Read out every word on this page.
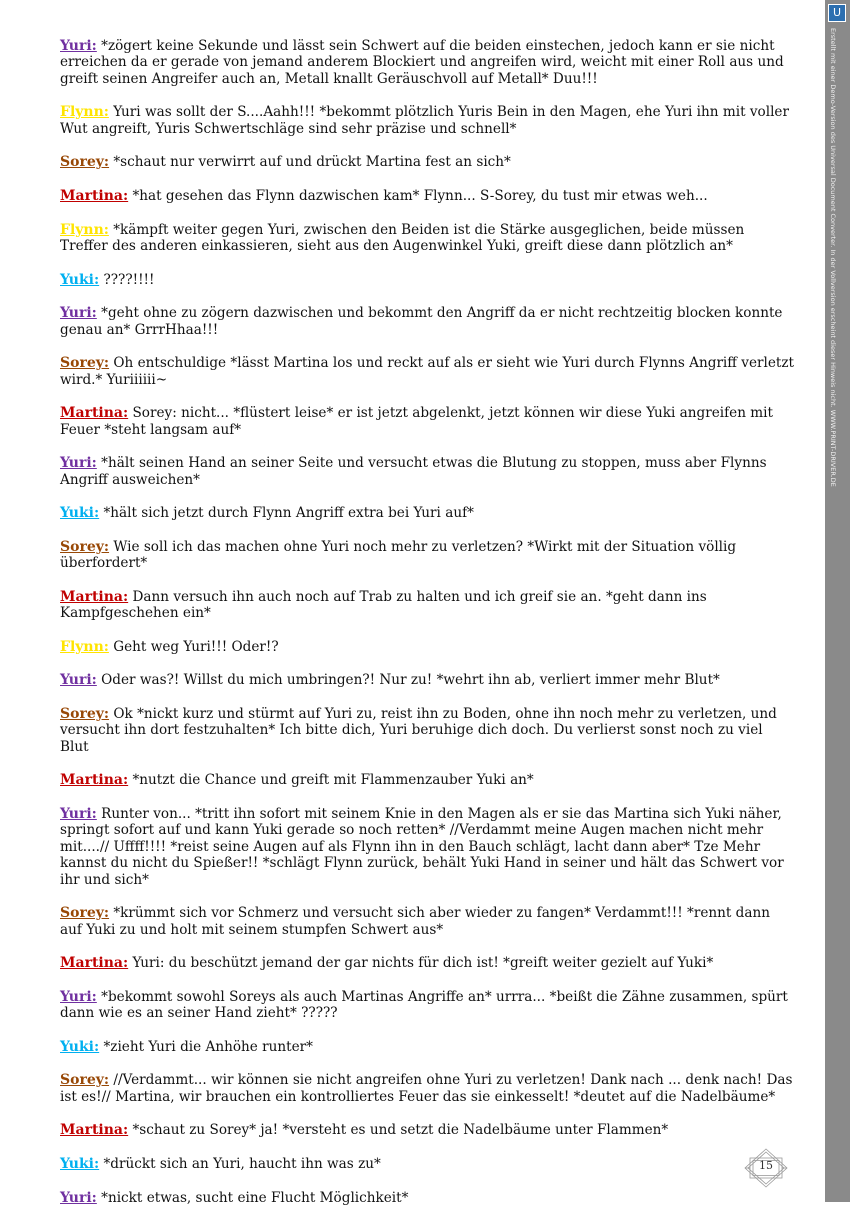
Yuri: *zögert keine Sekunde und lässt sein Schwert auf die beiden einstechen, jedoch kann er sie nicht erreichen da er gerade von jemand anderem Blockiert und angreifen wird, weicht mit einer Roll aus und greift seinen Angreifer auch an, Metall knallt Geräuschvoll auf Metall* Duu!!!

Flynn: Yuri was sollt der S....Aahh!!! *bekommt plötzlich Yuris Bein in den Magen, ehe Yuri ihn mit voller Wut angreift, Yuris Schwertschläge sind sehr präzise und schnell*

Sorey: *schaut nur verwirrt auf und drückt Martina fest an sich*

Martina: *hat gesehen das Flynn dazwischen kam* Flynn... S-Sorey, du tust mir etwas weh...

Flynn: *kämpft weiter gegen Yuri, zwischen den Beiden ist die Stärke ausgeglichen, beide müssen Treffer des anderen einkassieren, sieht aus den Augenwinkel Yuki, greift diese dann plötzlich an*

Yuki: ????!!!!

Yuri: *geht ohne zu zögern dazwischen und bekommt den Angriff da er nicht rechtzeitig blocken konnte genau an* GrrrHhaa!!!

Sorey: Oh entschuldige *lässt Martina los und reckt auf als er sieht wie Yuri durch Flynns Angriff verletzt wird.* Yuriiiiii~

Martina: Sorey: nicht... *flüstert leise* er ist jetzt abgelenkt, jetzt können wir diese Yuki angreifen mit Feuer *steht langsam auf*

Yuri: *hält seinen Hand an seiner Seite und versucht etwas die Blutung zu stoppen, muss aber Flynns Angriff ausweichen*

Yuki: *hält sich jetzt durch Flynn Angriff extra bei Yuri auf*

Sorey: Wie soll ich das machen ohne Yuri noch mehr zu verletzen? *Wirkt mit der Situation völlig überfordert*

Martina: Dann versuch ihn auch noch auf Trab zu halten und ich greif sie an. *geht dann ins Kampfgeschehen ein*

Flynn: Geht weg Yuri!!! Oder!?

Yuri: Oder was?! Willst du mich umbringen?! Nur zu! *wehrt ihn ab, verliert immer mehr Blut*

Sorey: Ok *nickt kurz und stürmt auf Yuri zu, reist ihn zu Boden, ohne ihn noch mehr zu verletzen, und versucht ihn dort festzuhalten* Ich bitte dich, Yuri beruhige dich doch. Du verlierst sonst noch zu viel Blut

Martina: *nutzt die Chance und greift mit Flammenzauber Yuki an*

Yuri: Runter von... *tritt ihn sofort mit seinem Knie in den Magen als er sie das Martina sich Yuki näher, springt sofort auf und kann Yuki gerade so noch retten* //Verdammt meine Augen machen nicht mehr mit....// Uffff!!!! *reist seine Augen auf als Flynn ihn in den Bauch schlägt, lacht dann aber* Tze Mehr kannst du nicht du Spießer!! *schlägt Flynn zurück, behält Yuki Hand in seiner und hält das Schwert vor ihr und sich*

Sorey: *krümmt sich vor Schmerz und versucht sich aber wieder zu fangen* Verdammt!!! *rennt dann auf Yuki zu und holt mit seinem stumpfen Schwert aus*

Martina: Yuri: du beschützt jemand der gar nichts für dich ist! *greift weiter gezielt auf Yuki*

Yuri: *bekommt sowohl Soreys als auch Martinas Angriffe an* urrra... *beißt die Zähne zusammen, spürt dann wie es an seiner Hand zieht* ?????

Yuki: *zieht Yuri die Anhöhe runter*

Sorey: //Verdammt... wir können sie nicht angreifen ohne Yuri zu verletzen! Dank nach ... denk nach! Das ist es!// Martina, wir brauchen ein kontrolliertes Feuer das sie einkesselt! *deutet auf die Nadelbäume*

Martina: *schaut zu Sorey* ja! *versteht es und setzt die Nadelbäume unter Flammen*

Yuki: *drückt sich an Yuri, haucht ihn was zu*

Yuri: *nickt etwas, sucht eine Flucht Möglichkeit*

U
Erstellt mit einer Demo-Version des Universal Document Converter. In der Vollversion erscheint dieser Hinweis nicht. WWW.PRINT-DRIVER.DE
15
